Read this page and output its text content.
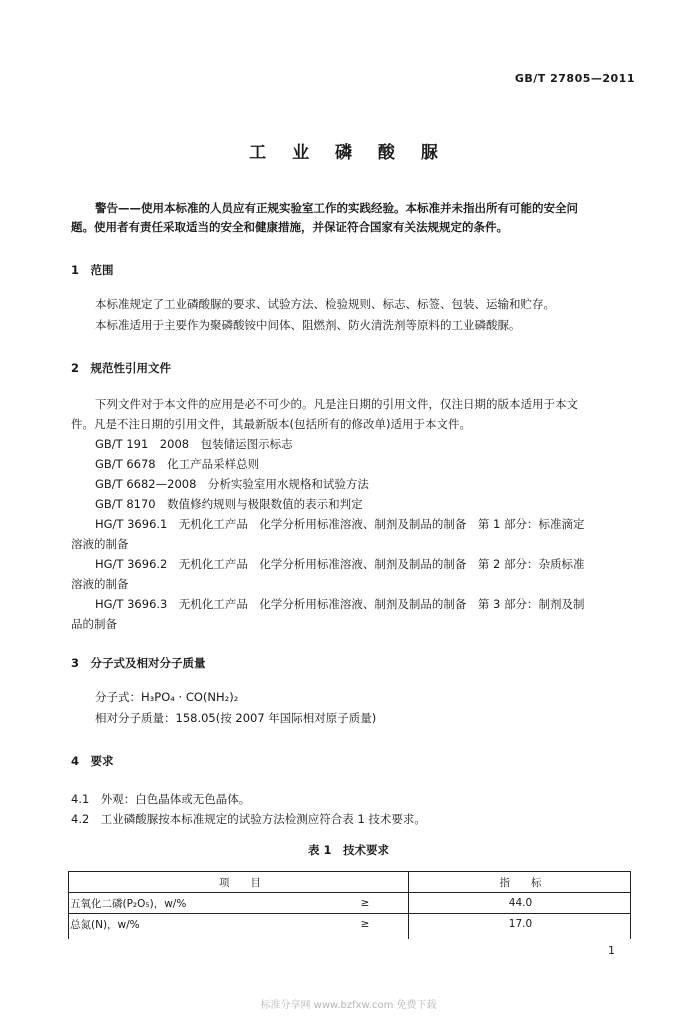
GB/T 27805—2011
工 业 磷 酸 脲
警告——使用本标准的人员应有正规实验室工作的实践经验。本标准并未指出所有可能的安全问
题。使用者有责任采取适当的安全和健康措施，并保证符合国家有关法规规定的条件。
1　范围
本标准规定了工业磷酸脲的要求、试验方法、检验规则、标志、标签、包装、运输和贮存。
本标准适用于主要作为聚磷酸铵中间体、阻燃剂、防火清洗剂等原料的工业磷酸脲。
2　规范性引用文件
下列文件对于本文件的应用是必不可少的。凡是注日期的引用文件，仅注日期的版本适用于本文
件。凡是不注日期的引用文件，其最新版本(包括所有的修改单)适用于本文件。
GB/T 191　2008　包装储运图示标志
GB/T 6678　化工产品采样总则
GB/T 6682—2008　分析实验室用水规格和试验方法
GB/T 8170　数值修约规则与极限数值的表示和判定
HG/T 3696.1　无机化工产品　化学分析用标准溶液、制剂及制品的制备　第 1 部分：标准滴定
溶液的制备
HG/T 3696.2　无机化工产品　化学分析用标准溶液、制剂及制品的制备　第 2 部分：杂质标准
溶液的制备
HG/T 3696.3　无机化工产品　化学分析用标准溶液、制剂及制品的制备　第 3 部分：制剂及制
品的制备
3　分子式及相对分子质量
分子式：H₃PO₄ · CO(NH₂)₂
相对分子质量：158.05(按 2007 年国际相对原子质量)
4　要求
4.1　外观：白色晶体或无色晶体。
4.2　工业磷酸脲按本标准规定的试验方法检测应符合表 1 技术要求。
表 1　技术要求
项　　目		指　　标
五氧化二磷(P₂O₅)，w/%	≥	44.0
总氮(N)，w/%	≥	17.0
1
标准分享网 www.bzfxw.com 免费下载
